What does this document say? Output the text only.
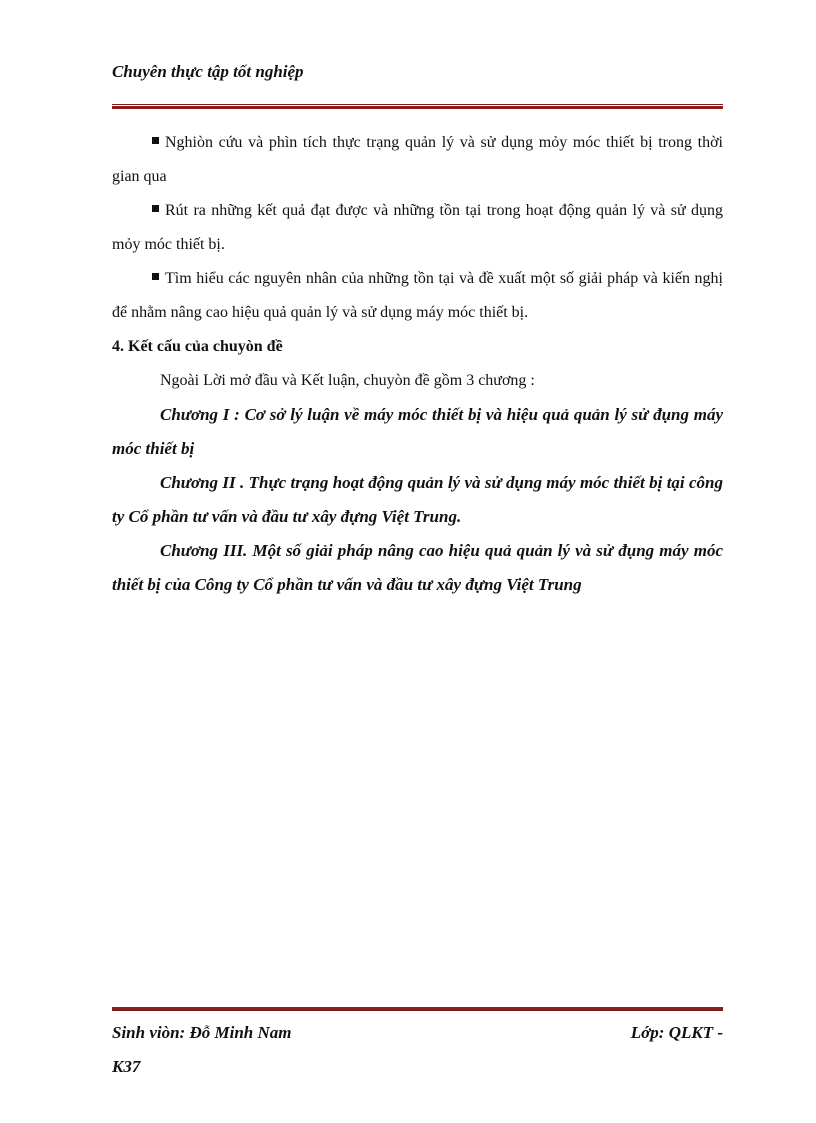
Chuyên thực tập tốt nghiệp

Nghiòn cứu và phìn tích thực trạng quản lý và sử dụng mỏy móc thiết bị trong thời gian qua

Rút ra những kết quả đạt được và những tồn tại trong hoạt động quản lý và sử dụng mỏy móc thiết bị.

Tìm hiểu các nguyên nhân của những tồn tại và đề xuất một số giải pháp và kiến nghị để nhằm nâng cao hiệu quả quản lý và sử dụng máy móc thiết bị.

4. Kết cấu của chuyòn đề

Ngoài Lời mở đầu và Kết luận, chuyòn đề gồm 3 chương :

Chương I : Cơ sở lý luận về máy móc thiết bị và hiệu quả quản lý sử đụng máy móc thiết bị

Chương II . Thực trạng hoạt động quản lý và sử dụng máy móc thiết bị tại công ty Cổ phần tư vấn và đầu tư xây đựng Việt Trung.

Chương III. Một số giải pháp nâng cao hiệu quả quản lý và sử đụng máy móc thiết bị của Công ty Cổ phần tư vấn và đầu tư xây đựng Việt Trung

Sinh viòn: Đỗ Minh Nam	Lớp: QLKT -
K37
